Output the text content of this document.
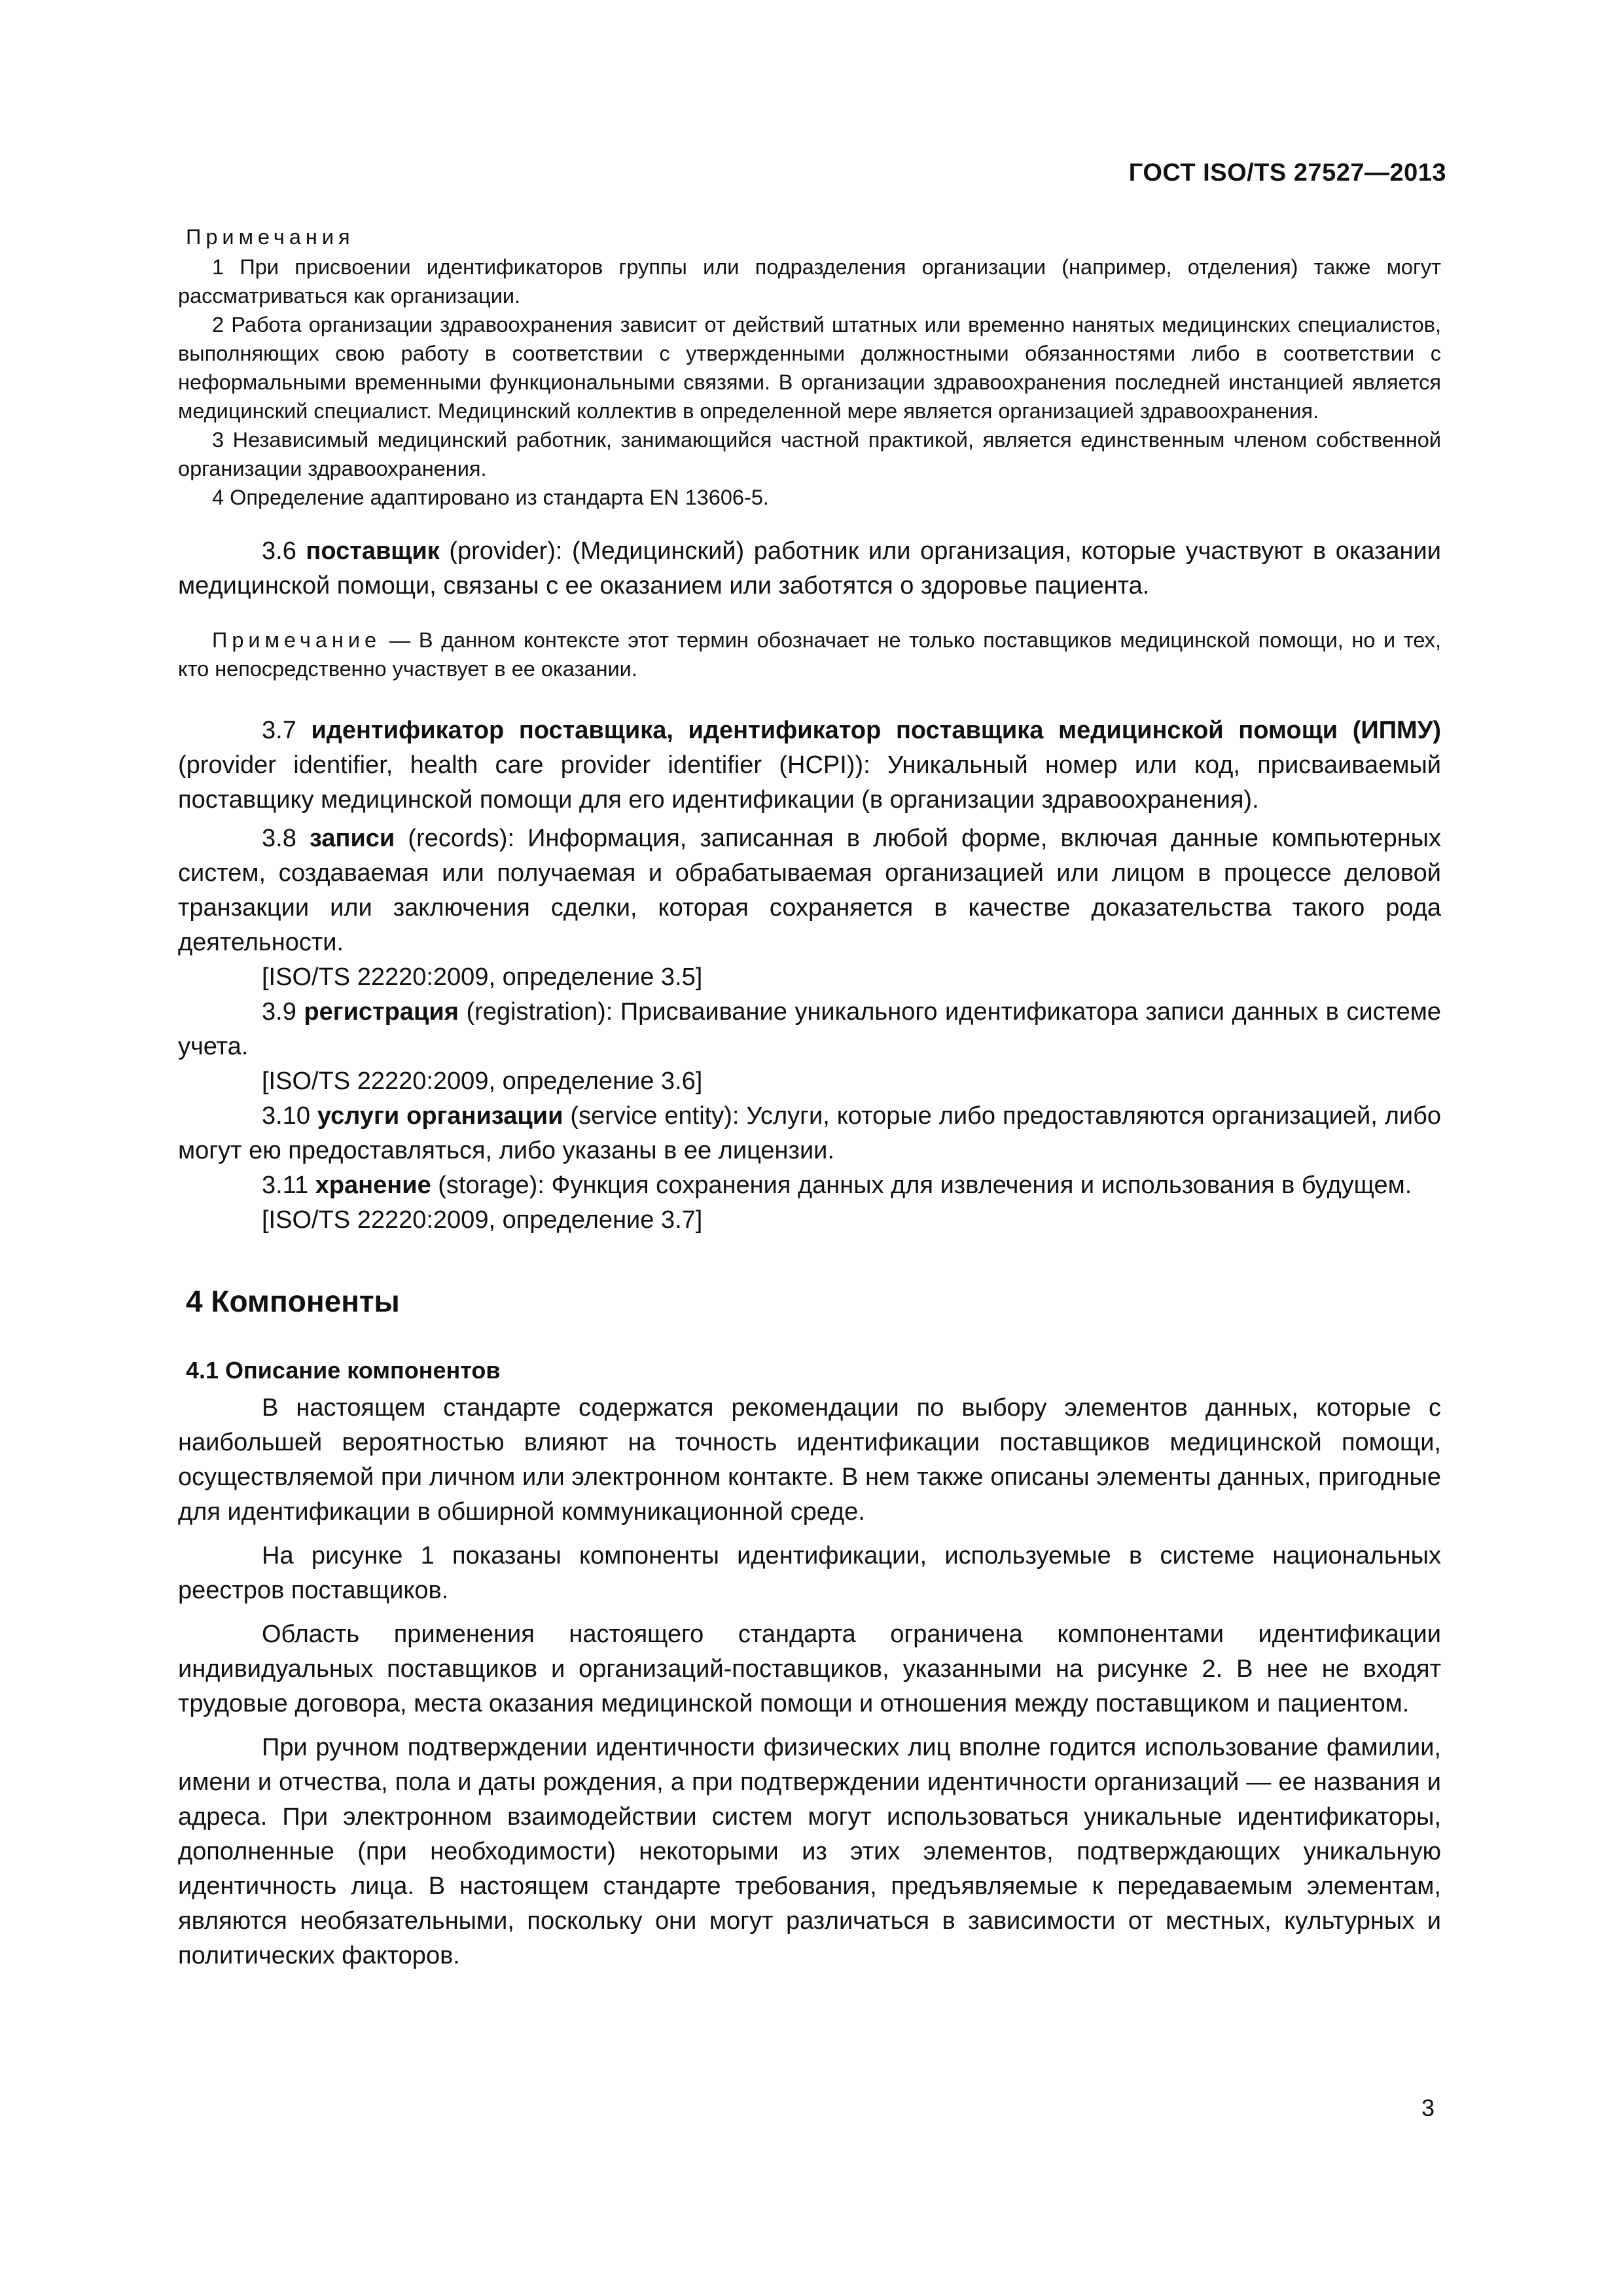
ГОСТ ISO/TS 27527—2013

Примечания

1 При присвоении идентификаторов группы или подразделения организации (например, отделения) также могут рассматриваться как организации.

2 Работа организации здравоохранения зависит от действий штатных или временно нанятых медицинских специалистов, выполняющих свою работу в соответствии с утвержденными должностными обязанностями либо в соответствии с неформальными временными функциональными связями. В организации здравоохранения последней инстанцией является медицинский специалист. Медицинский коллектив в определенной мере является организацией здравоохранения.

3 Независимый медицинский работник, занимающийся частной практикой, является единственным членом собственной организации здравоохранения.

4 Определение адаптировано из стандарта EN 13606-5.

3.6 поставщик (provider): (Медицинский) работник или организация, которые участвуют в оказании медицинской помощи, связаны с ее оказанием или заботятся о здоровье пациента.

Примечание — В данном контексте этот термин обозначает не только поставщиков медицинской помощи, но и тех, кто непосредственно участвует в ее оказании.

3.7 идентификатор поставщика, идентификатор поставщика медицинской помощи (ИПМУ) (provider identifier, health care provider identifier (HCPI)): Уникальный номер или код, присваиваемый поставщику медицинской помощи для его идентификации (в организации здравоохранения).

3.8 записи (records): Информация, записанная в любой форме, включая данные компьютерных систем, создаваемая или получаемая и обрабатываемая организацией или лицом в процессе деловой транзакции или заключения сделки, которая сохраняется в качестве доказательства такого рода деятельности.

[ISO/TS 22220:2009, определение 3.5]

3.9 регистрация (registration): Присваивание уникального идентификатора записи данных в системе учета.

[ISO/TS 22220:2009, определение 3.6]

3.10 услуги организации (service entity): Услуги, которые либо предоставляются организацией, либо могут ею предоставляться, либо указаны в ее лицензии.

3.11 хранение (storage): Функция сохранения данных для извлечения и использования в будущем.

[ISO/TS 22220:2009, определение 3.7]

4 Компоненты
4.1 Описание компонентов

В настоящем стандарте содержатся рекомендации по выбору элементов данных, которые с наибольшей вероятностью влияют на точность идентификации поставщиков медицинской помощи, осуществляемой при личном или электронном контакте. В нем также описаны элементы данных, пригодные для идентификации в обширной коммуникационной среде.

На рисунке 1 показаны компоненты идентификации, используемые в системе национальных реестров поставщиков.

Область применения настоящего стандарта ограничена компонентами идентификации индивидуальных поставщиков и организаций-поставщиков, указанными на рисунке 2. В нее не входят трудовые договора, места оказания медицинской помощи и отношения между поставщиком и пациентом.

При ручном подтверждении идентичности физических лиц вполне годится использование фамилии, имени и отчества, пола и даты рождения, а при подтверждении идентичности организаций — ее названия и адреса. При электронном взаимодействии систем могут использоваться уникальные идентификаторы, дополненные (при необходимости) некоторыми из этих элементов, подтверждающих уникальную идентичность лица. В настоящем стандарте требования, предъявляемые к передаваемым элементам, являются необязательными, поскольку они могут различаться в зависимости от местных, культурных и политических факторов.

3
